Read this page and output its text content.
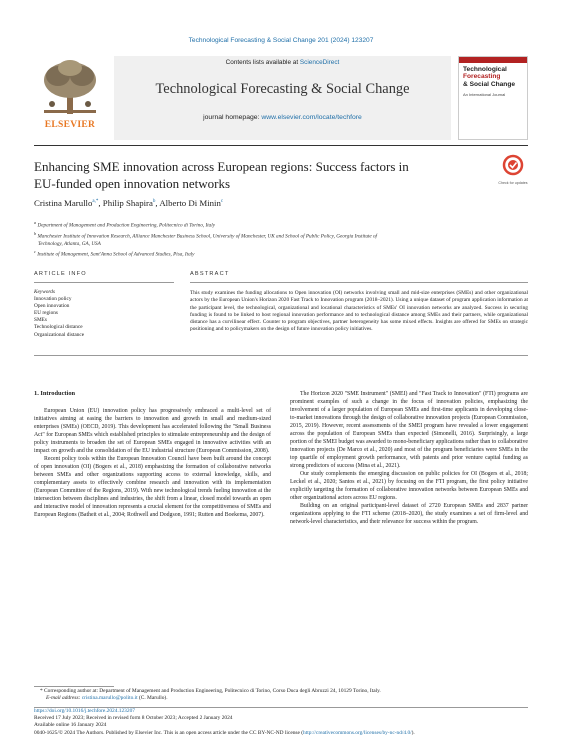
Technological Forecasting & Social Change 201 (2024) 123207
ELSEVIER
Contents lists available at ScienceDirect
Technological Forecasting & Social Change
journal homepage: www.elsevier.com/locate/techfore
Technological
Forecasting
& Social Change
An International Journal
Enhancing SME innovation across European regions: Success factors in
EU-funded open innovation networks	Check for updates
Cristina Marullo$^{a,*}$, Philip Shapira$^b$, Alberto Di Minin$^c$
$^a$ Department of Management and Production Engineering, Politecnico di Torino, Italy
$^b$ Manchester Institute of Innovation Research, Alliance Manchester Business School, University of Manchester, UK and School of Public Policy, Georgia Institute of
Technology, Atlanta, GA, USA
$^c$ Institute of Management, Sant'Anna School of Advanced Studies, Pisa, Italy
ARTICLE INFO	ABSTRACT
Keywords
Innovation policy
Open innovation
EU regions
SMEs
Technological distance
Organizational distance
This study examines the funding allocations to Open innovation (OI) networks involving small and mid-size enterprises (SMEs) and other organizational actors by the European Union's Horizon 2020 Fast Track to Innovation program (2018–2021). Using a unique dataset of program application information at the participant level, the technological, organizational and locational characteristics of SMEs' OI innovation networks are analyzed. Success in securing funding is found to be linked to host regional innovation performance and to technological distance among SMEs and their partners, while organizational distance has a curvilinear effect. Counter to program objectives, partner heterogeneity has some mixed effects. Insights are offered for SMEs on strategic positioning and to policymakers on the design of future innovation policy initiatives.
1. Introduction

European Union (EU) innovation policy has progressively embraced a multi-level set of initiatives aiming at easing the barriers to innovation and growth in small and medium-sized enterprises (SMEs) (OECD, 2019). This development has accelerated following the "Small Business Act" for European SMEs which established principles to stimulate entrepreneurship and the design of policy instruments to broaden the set of European SMEs engaged in innovative activities with an impact on growth and the consolidation of the EU industrial structure (European Commission, 2008).

Recent policy tools within the European Innovation Council have been built around the concept of open innovation (OI) (Bogers et al., 2018) emphasizing the formation of collaborative networks between SMEs and other organizations supporting access to external knowledge, skills, and complementary assets to effectively combine research and innovation with its implementation (European Committee of the Regions, 2019). With new technological trends fueling innovation at the intersection between disciplines and industries, the shift from a linear, closed model towards an open and interactive model of innovation represents a crucial element for the competitiveness of SMEs and European Regions (Batheit et al., 2004; Rothwell and Dodgson, 1991; Rutten and Boekema, 2007).

The Horizon 2020 "SME Instrument" (SMEI) and "Fast Track to Innovation" (FTI) programs are prominent examples of such a change in the focus of innovation policies, emphasizing the involvement of a larger population of European SMEs and first-time applicants in developing close-to-market innovations through the design of collaborative innovation projects (European Commission, 2015, 2019). However, recent assessments of the SMEI program have revealed a lower engagement across the population of European SMEs than expected (Simonelli, 2016). Surprisingly, a large portion of the SMEI budget was awarded to mono-beneficiary applications rather than to collaborative innovation projects (De Marco et al., 2020) and most of the program beneficiaries were SMEs in the top quartile of employment growth performance, with patents and prior venture capital funding as strong predictors of success (Mina et al., 2021).

Our study complements the emerging discussion on public policies for OI (Bogers et al., 2018; Leckel et al., 2020; Santos et al., 2021) by focusing on the FTI program, the first policy initiative explicitly targeting the formation of collaborative innovation networks between European SMEs and other organizational actors across EU regions.

Building on an original participant-level dataset of 2720 European SMEs and 2837 partner organizations applying to the FTI scheme (2018–2020), the study examines a set of firm-level and network-level characteristics, and their relevance for success within the program.

* Corresponding author at: Department of Management and Production Engineering, Politecnico di Torino, Corso Duca degli Abruzzi 24, 10129 Torino, Italy.
E-mail address: cristina.marullo@polito.it (C. Marullo).
https://doi.org/10.1016/j.techfore.2024.123207
Received 17 July 2023; Received in revised form 8 October 2023; Accepted 2 January 2024
Available online 16 January 2024
0040-1625/© 2024 The Authors. Published by Elsevier Inc. This is an open access article under the CC BY-NC-ND license (http://creativecommons.org/licenses/by-nc-nd/4.0/).
